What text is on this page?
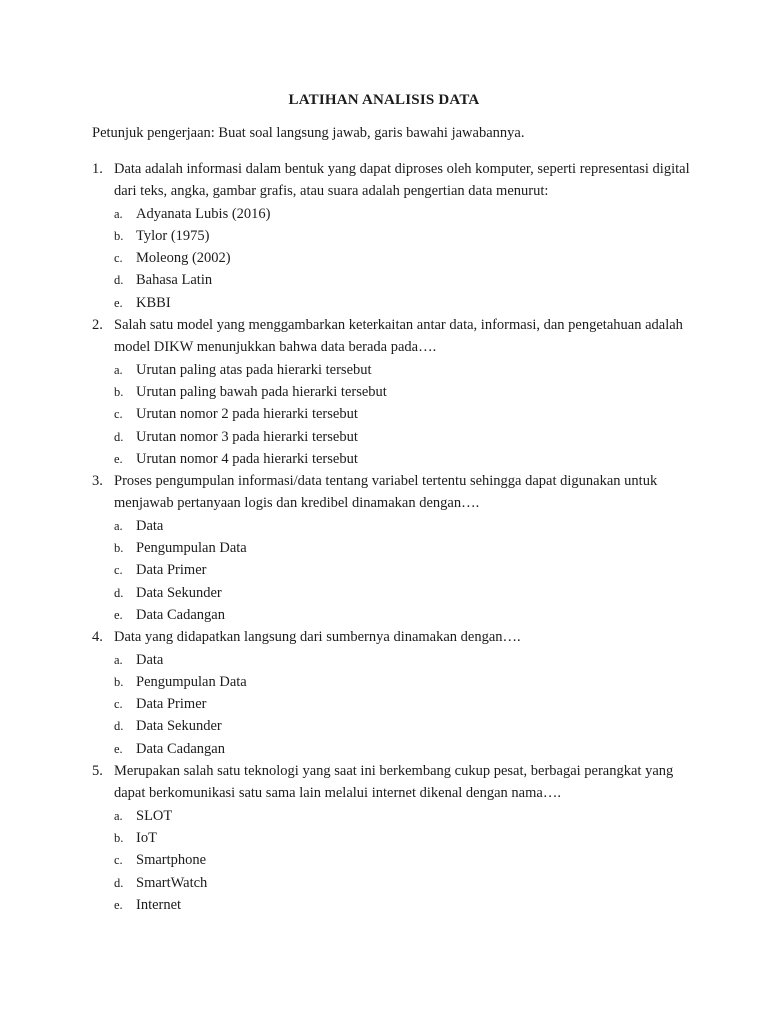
LATIHAN ANALISIS DATA
Petunjuk pengerjaan: Buat soal langsung jawab, garis bawahi jawabannya.
1. Data adalah informasi dalam bentuk yang dapat diproses oleh komputer, seperti representasi digital dari teks, angka, gambar grafis, atau suara adalah pengertian data menurut:
a. Adyanata Lubis (2016)
b. Tylor (1975)
c. Moleong (2002)
d. Bahasa Latin
e. KBBI
2. Salah satu model yang menggambarkan keterkaitan antar data, informasi, dan pengetahuan adalah model DIKW menunjukkan bahwa data berada pada….
a. Urutan paling atas pada hierarki tersebut
b. Urutan paling bawah pada hierarki tersebut
c. Urutan nomor 2 pada hierarki tersebut
d. Urutan nomor 3 pada hierarki tersebut
e. Urutan nomor 4 pada hierarki tersebut
3. Proses pengumpulan informasi/data tentang variabel tertentu sehingga dapat digunakan untuk menjawab pertanyaan logis dan kredibel dinamakan dengan….
a. Data
b. Pengumpulan Data
c. Data Primer
d. Data Sekunder
e. Data Cadangan
4. Data yang didapatkan langsung dari sumbernya dinamakan dengan….
a. Data
b. Pengumpulan Data
c. Data Primer
d. Data Sekunder
e. Data Cadangan
5. Merupakan salah satu teknologi yang saat ini berkembang cukup pesat, berbagai perangkat yang dapat berkomunikasi satu sama lain melalui internet dikenal dengan nama….
a. SLOT
b. IoT
c. Smartphone
d. SmartWatch
e. Internet
